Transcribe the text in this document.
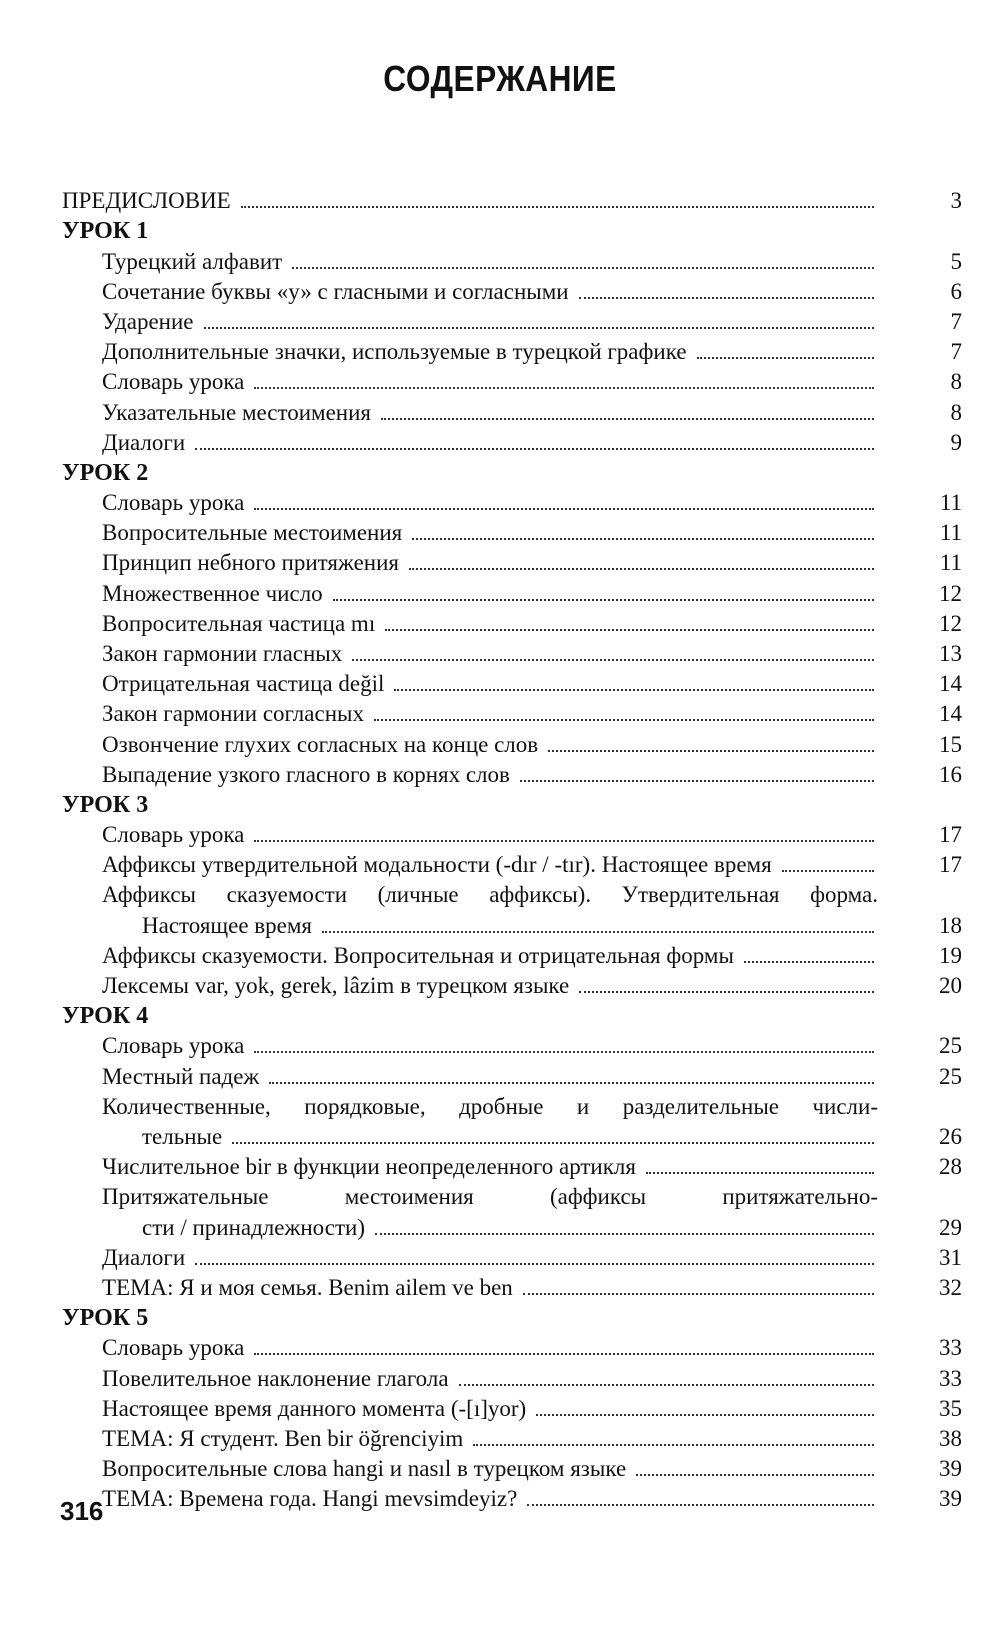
СОДЕРЖАНИЕ
ПРЕДИСЛОВИЕ	3
УРОК 1
Турецкий алфавит	5
Сочетание буквы «у» с гласными и согласными	6
Ударение	7
Дополнительные значки, используемые в турецкой графике	7
Словарь урока	8
Указательные местоимения	8
Диалоги	9
УРОК 2
Словарь урока	11
Вопросительные местоимения	11
Принцип небного притяжения	11
Множественное число	12
Вопросительная частица mı	12
Закон гармонии гласных	13
Отрицательная частица değil	14
Закон гармонии согласных	14
Озвончение глухих согласных на конце слов	15
Выпадение узкого гласного в корнях слов	16
УРОК 3
Словарь урока	17
Аффиксы утвердительной модальности (-dır / -tır). Настоящее время	17
Аффиксы сказуемости (личные аффиксы). Утвердительная форма.
Настоящее время	18
Аффиксы сказуемости. Вопросительная и отрицательная формы	19
Лексемы var, yok, gerek, lâzim в турецком языке	20
УРОК 4
Словарь урока	25
Местный падеж	25
Количественные, порядковые, дробные и разделительные числи-
тельные	26
Числительное bir в функции неопределенного артикля	28
Притяжательные местоимения (аффиксы притяжательно-
сти / принадлежности)	29
Диалоги	31
ТЕМА: Я и моя семья. Benim ailem ve ben	32
УРОК 5
Словарь урока	33
Повелительное наклонение глагола	33
Настоящее время данного момента (-[ı]yor)	35
ТЕМА: Я студент. Ben bir öğrenciyim	38
Вопросительные слова hangi и nasıl в турецком языке	39
ТЕМА: Времена года. Hangi mevsimdeyiz?	39
316
